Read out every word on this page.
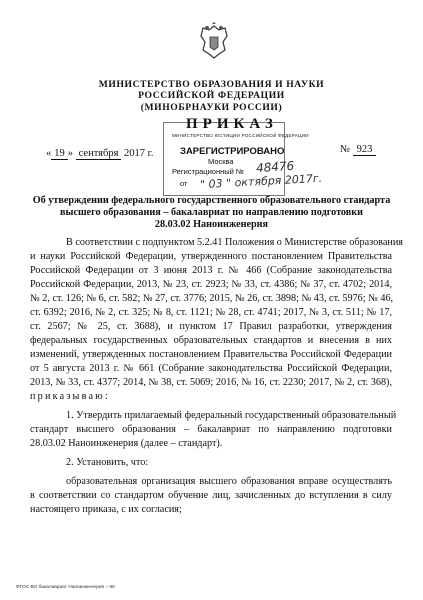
МИНИСТЕРСТВО ОБРАЗОВАНИЯ И НАУКИ
РОССИЙСКОЙ ФЕДЕРАЦИИ
(МИНОБРНАУКИ РОССИИ)
ПРИКАЗ
МИНИСТЕРСТВО ЮСТИЦИИ РОССИЙСКОЙ ФЕДЕРАЦИИ
« 19 » сентября 2017 г.	ЗАРЕГИСТРИРОВАНО
Москва
Регистрационный № 48476
от " 03 " октября 2017г.
№ 923
Об утверждении федерального государственного образовательного стандарта
высшего образования – бакалавриат по направлению подготовки
28.03.02 Наноинженерия
В соответствии с подпунктом 5.2.41 Положения о Министерстве образования
и науки Российской Федерации, утвержденного постановлением Правительства
Российской Федерации от 3 июня 2013 г. № 466 (Собрание законодательства
Российской Федерации, 2013, № 23, ст. 2923; № 33, ст. 4386; № 37, ст. 4702; 2014,
№ 2, ст. 126; № 6, ст. 582; № 27, ст. 3776; 2015, № 26, ст. 3898; № 43, ст. 5976; № 46,
ст. 6392; 2016, № 2, ст. 325; № 8, ст. 1121; № 28, ст. 4741; 2017, № 3, ст. 511; № 17,
ст. 2567; № 25, ст. 3688), и пунктом 17 Правил разработки, утверждения
федеральных государственных образовательных стандартов и внесения в них
изменений, утвержденных постановлением Правительства Российской Федерации
от 5 августа 2013 г. № 661 (Собрание законодательства Российской Федерации,
2013, № 33, ст. 4377; 2014, № 38, ст. 5069; 2016, № 16, ст. 2230; 2017, № 2, ст. 368),
приказываю:
1. Утвердить прилагаемый федеральный государственный образовательный
стандарт высшего образования – бакалавриат по направлению подготовки
28.03.02 Наноинженерия (далее – стандарт).
2. Установить, что:
образовательная организация высшего образования вправе осуществлять
в соответствии со стандартом обучение лиц, зачисленных до вступления в силу
настоящего приказа, с их согласия;
ФГОС ВО бакалавриат Наноинженерия – 65
